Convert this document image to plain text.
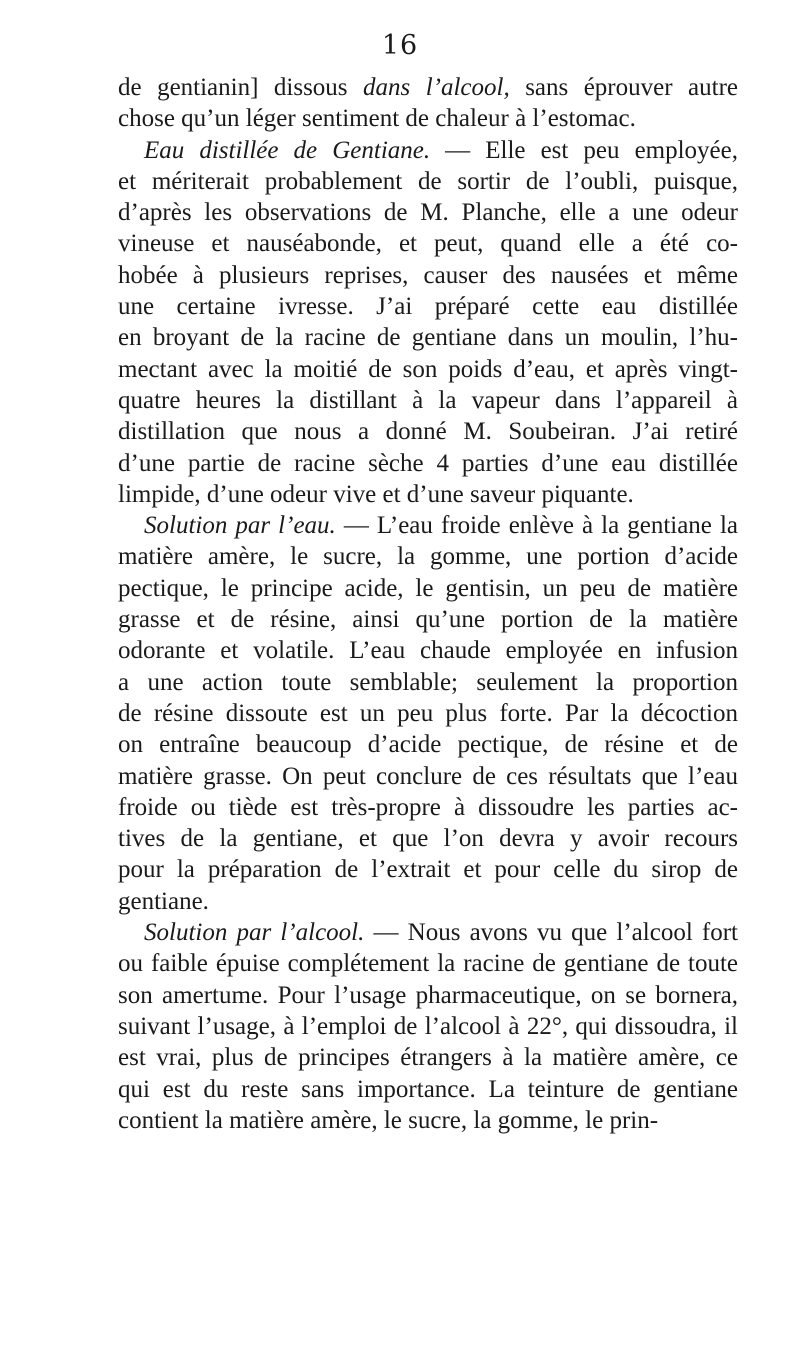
16
de gentianin] dissous dans l’alcool, sans éprouver autre
chose qu’un léger sentiment de chaleur à l’estomac.
Eau distillée de Gentiane. — Elle est peu employée,
et mériterait probablement de sortir de l’oubli, puisque,
d’après les observations de M. Planche, elle a une odeur
vineuse et nauséabonde, et peut, quand elle a été co-
hobée à plusieurs reprises, causer des nausées et même
une certaine ivresse. J’ai préparé cette eau distillée
en broyant de la racine de gentiane dans un moulin, l’hu-
mectant avec la moitié de son poids d’eau, et après vingt-
quatre heures la distillant à la vapeur dans l’appareil à
distillation que nous a donné M. Soubeiran. J’ai retiré
d’une partie de racine sèche 4 parties d’une eau distillée
limpide, d’une odeur vive et d’une saveur piquante.
Solution par l’eau. — L’eau froide enlève à la gentiane la
matière amère, le sucre, la gomme, une portion d’acide
pectique, le principe acide, le gentisin, un peu de matière
grasse et de résine, ainsi qu’une portion de la matière
odorante et volatile. L’eau chaude employée en infusion
a une action toute semblable; seulement la proportion
de résine dissoute est un peu plus forte. Par la décoction
on entraîne beaucoup d’acide pectique, de résine et de
matière grasse. On peut conclure de ces résultats que l’eau
froide ou tiède est très-propre à dissoudre les parties ac-
tives de la gentiane, et que l’on devra y avoir recours
pour la préparation de l’extrait et pour celle du sirop de
gentiane.
Solution par l’alcool. — Nous avons vu que l’alcool fort
ou faible épuise complétement la racine de gentiane de toute
son amertume. Pour l’usage pharmaceutique, on se bornera,
suivant l’usage, à l’emploi de l’alcool à 22°, qui dissoudra, il
est vrai, plus de principes étrangers à la matière amère, ce
qui est du reste sans importance. La teinture de gentiane
contient la matière amère, le sucre, la gomme, le prin-
